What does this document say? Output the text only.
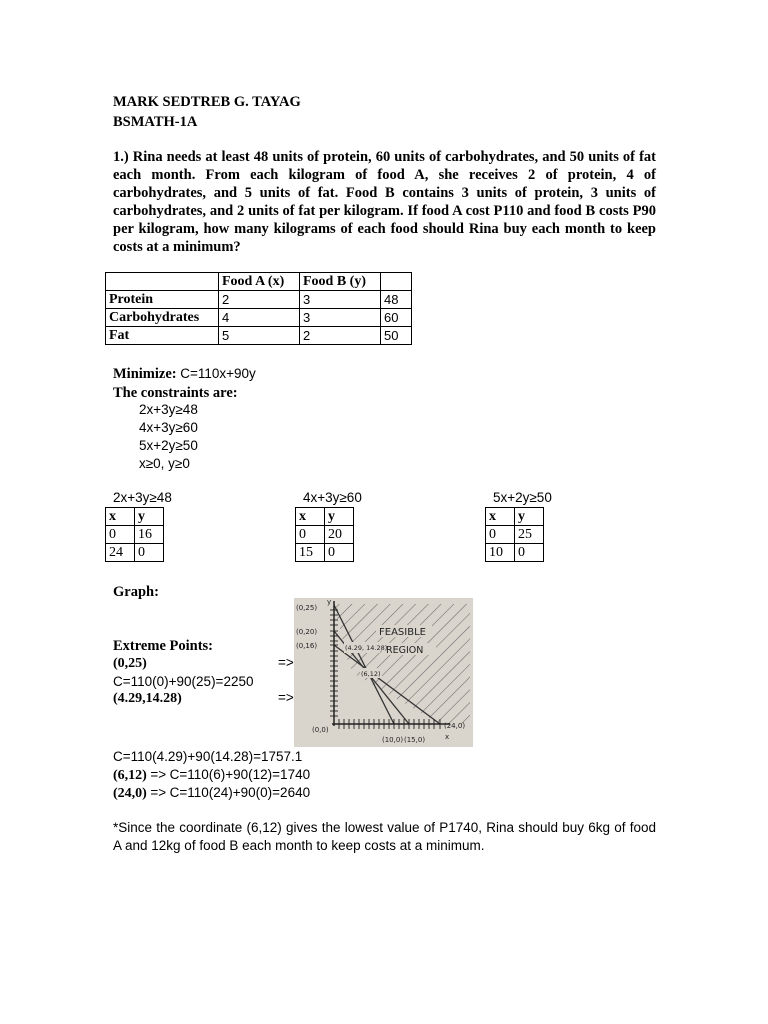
MARK SEDTREB G. TAYAG
BSMATH-1A
1.) Rina needs at least 48 units of protein, 60 units of carbohydrates, and 50 units of fat each month. From each kilogram of food A, she receives 2 of protein, 4 of carbohydrates, and 5 units of fat. Food B contains 3 units of protein, 3 units of carbohydrates, and 2 units of fat per kilogram. If food A cost P110 and food B costs P90 per kilogram, how many kilograms of each food should Rina buy each month to keep costs at a minimum?
	Food A (x)	Food B (y)	
Protein	2	3	48
Carbohydrates	4	3	60
Fat	5	2	50
Minimize: C=110x+90y
The constraints are:
2x+3y≥48
4x+3y≥60
5x+2y≥50
x≥0, y≥0
2x+3y≥48
x	y
0	16
24	0
4x+3y≥60
x	y
0	20
15	0
5x+2y≥50
x	y
0	25
10	0
Graph:
(0,25)
(0,20)
(0,16)
(0,0)
(10,0) (15,0)
(24,0)
(4.29, 14.28)
(6,12)
FEASIBLE
REGION
y
x
Extreme Points:
(0,25)	=>
C=110(0)+90(25)=2250
(4.29,14.28)	=>
C=110(4.29)+90(14.28)=1757.1
(6,12) => C=110(6)+90(12)=1740
(24,0) => C=110(24)+90(0)=2640
*Since the coordinate (6,12) gives the lowest value of P1740, Rina should buy 6kg of food A and 12kg of food B each month to keep costs at a minimum.
